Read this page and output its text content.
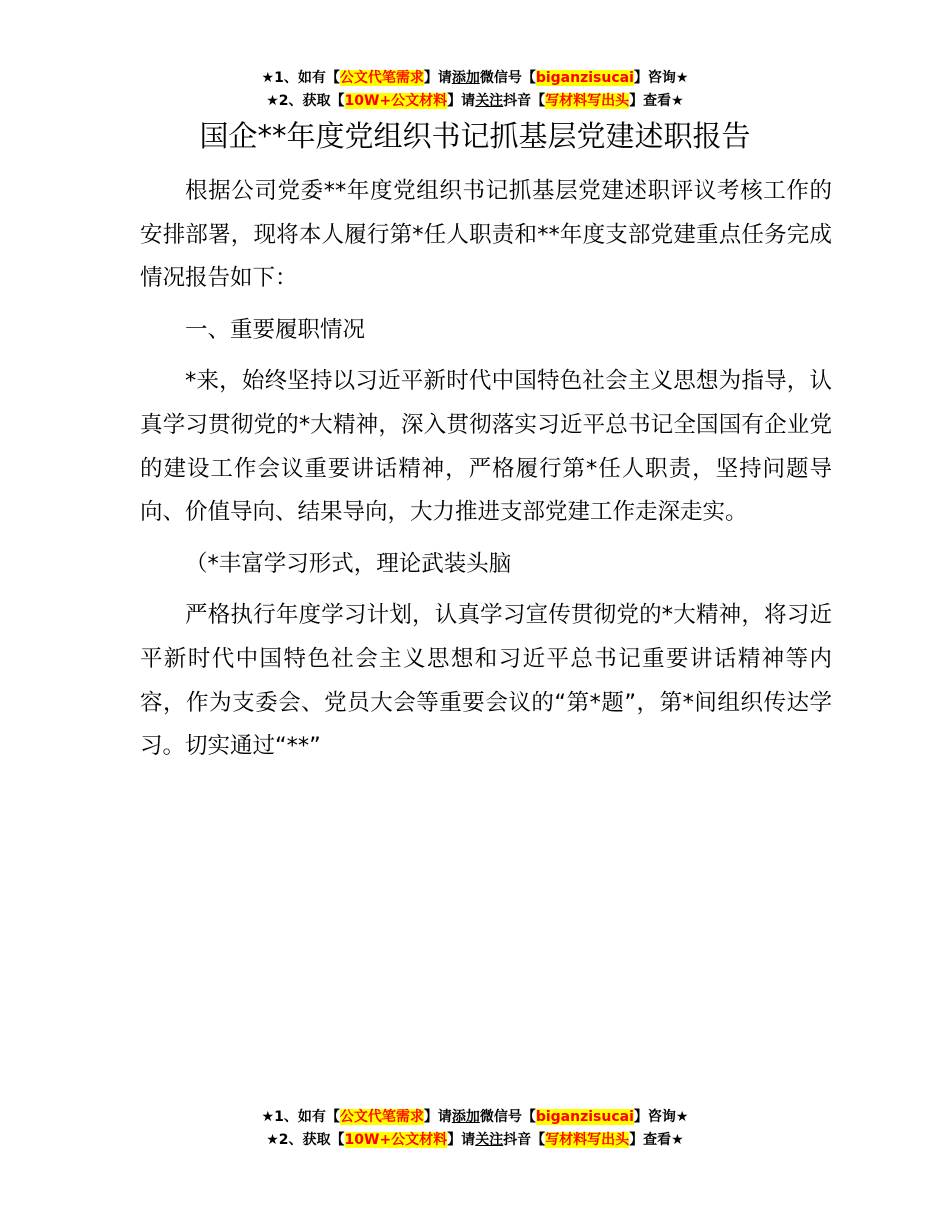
★1、如有【公文代笔需求】请添加微信号【biganzisucai】咨询★
★2、获取【10W+公文材料】请关注抖音【写材料写出头】查看★
国企**年度党组织书记抓基层党建述职报告

根据公司党委**年度党组织书记抓基层党建述职评议考核工作的安排部署，现将本人履行第*任人职责和**年度支部党建重点任务完成情况报告如下：

一、重要履职情况

*来，始终坚持以习近平新时代中国特色社会主义思想为指导，认真学习贯彻党的*大精神，深入贯彻落实习近平总书记全国国有企业党的建设工作会议重要讲话精神，严格履行第*任人职责，坚持问题导向、价值导向、结果导向，大力推进支部党建工作走深走实。

（*丰富学习形式，理论武装头脑

严格执行年度学习计划，认真学习宣传贯彻党的*大精神，将习近平新时代中国特色社会主义思想和习近平总书记重要讲话精神等内容，作为支委会、党员大会等重要会议的“第*题”，第*间组织传达学习。切实通过“**”

★1、如有【公文代笔需求】请添加微信号【biganzisucai】咨询★
★2、获取【10W+公文材料】请关注抖音【写材料写出头】查看★
